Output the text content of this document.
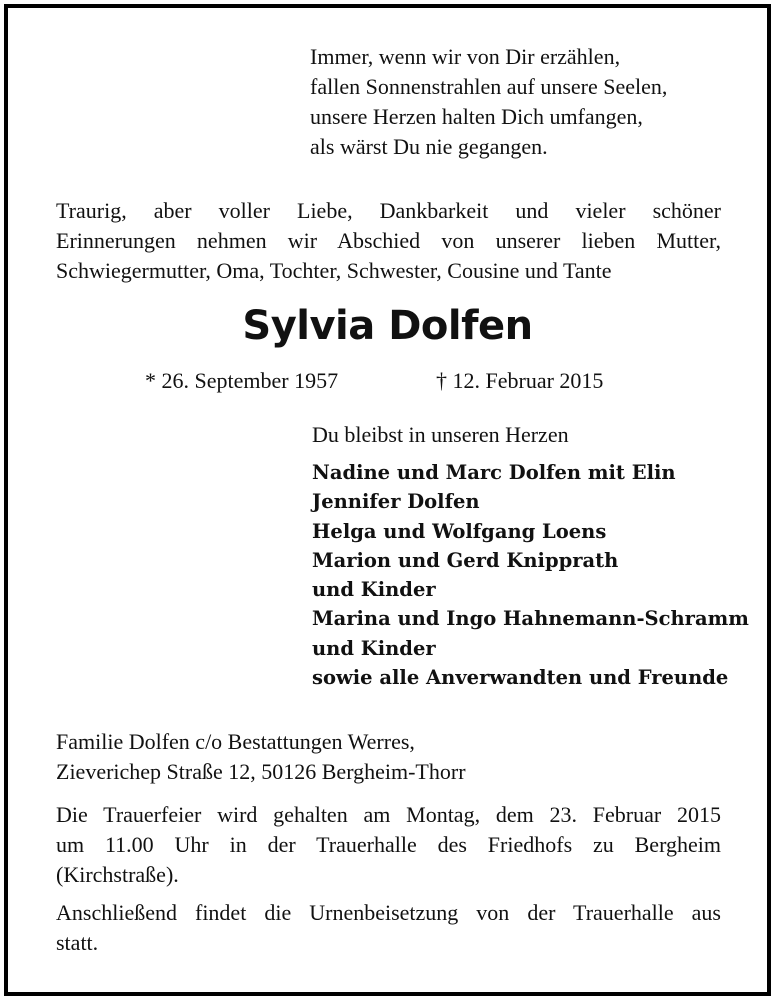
Immer, wenn wir von Dir erzählen,
fallen Sonnenstrahlen auf unsere Seelen,
unsere Herzen halten Dich umfangen,
als wärst Du nie gegangen.
Traurig, aber voller Liebe, Dankbarkeit und vieler schöner
Erinnerungen nehmen wir Abschied von unserer lieben Mutter,
Schwiegermutter, Oma, Tochter, Schwester, Cousine und Tante
Sylvia Dolfen
* 26. September 1957	† 12. Februar 2015
Du bleibst in unseren Herzen
Nadine und Marc Dolfen mit Elin
Jennifer Dolfen
Helga und Wolfgang Loens
Marion und Gerd Knipprath
und Kinder
Marina und Ingo Hahnemann-Schramm
und Kinder
sowie alle Anverwandten und Freunde
Familie Dolfen c/o Bestattungen Werres,
Zieverichер Straße 12, 50126 Bergheim-Thorr
Die Trauerfeier wird gehalten am Montag, dem 23. Februar 2015
um 11.00 Uhr in der Trauerhalle des Friedhofs zu Bergheim
(Kirchstraße).
Anschließend findet die Urnenbeisetzung von der Trauerhalle aus
statt.
